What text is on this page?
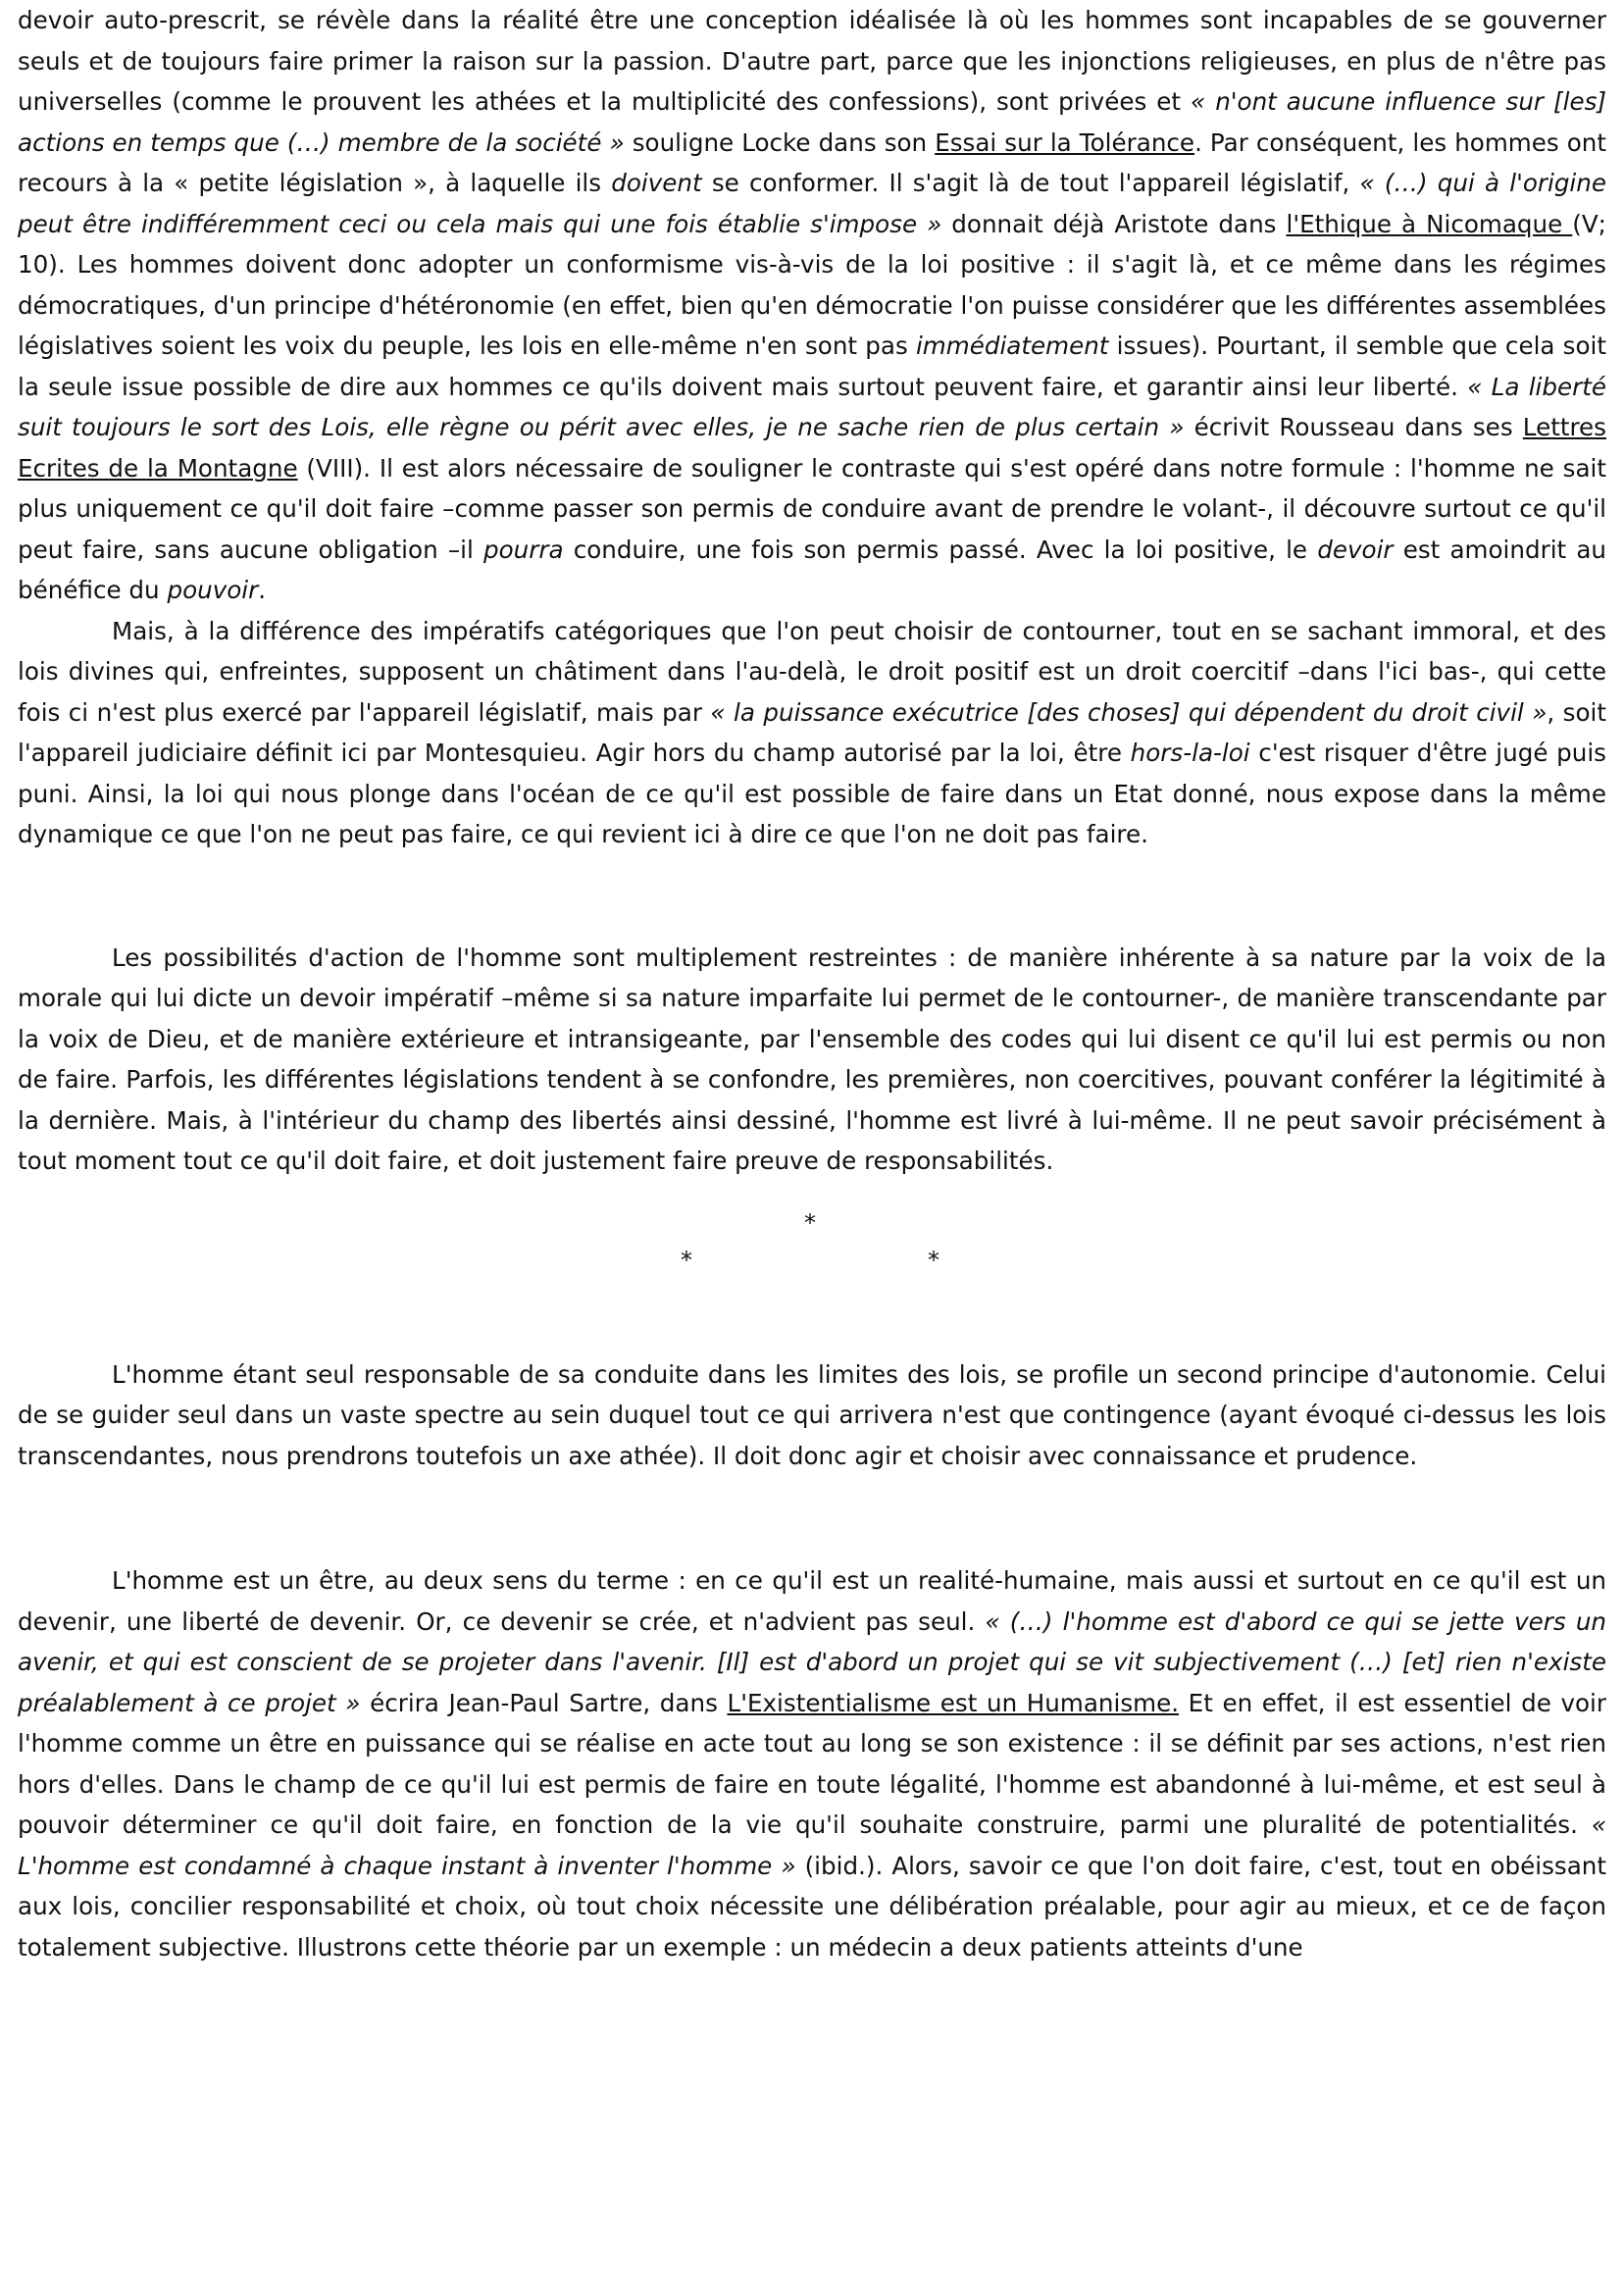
devoir auto-prescrit, se révèle dans la réalité être une conception idéalisée là où les hommes sont incapables de se gouverner seuls et de toujours faire primer la raison sur la passion. D'autre part, parce que les injonctions religieuses, en plus de n'être pas universelles (comme le prouvent les athées et la multiplicité des confessions), sont privées et « n'ont aucune influence sur [les] actions en temps que (…) membre de la société » souligne Locke dans son Essai sur la Tolérance. Par conséquent, les hommes ont recours à la « petite législation », à laquelle ils doivent se conformer. Il s'agit là de tout l'appareil législatif, « (…) qui à l'origine peut être indifféremment ceci ou cela mais qui une fois établie s'impose » donnait déjà Aristote dans l'Ethique à Nicomaque (V; 10). Les hommes doivent donc adopter un conformisme vis-à-vis de la loi positive : il s'agit là, et ce même dans les régimes démocratiques, d'un principe d'hétéronomie (en effet, bien qu'en démocratie l'on puisse considérer que les différentes assemblées législatives soient les voix du peuple, les lois en elle-même n'en sont pas immédiatement issues). Pourtant, il semble que cela soit la seule issue possible de dire aux hommes ce qu'ils doivent mais surtout peuvent faire, et garantir ainsi leur liberté. « La liberté suit toujours le sort des Lois, elle règne ou périt avec elles, je ne sache rien de plus certain » écrivit Rousseau dans ses Lettres Ecrites de la Montagne (VIII). Il est alors nécessaire de souligner le contraste qui s'est opéré dans notre formule : l'homme ne sait plus uniquement ce qu'il doit faire –comme passer son permis de conduire avant de prendre le volant-, il découvre surtout ce qu'il peut faire, sans aucune obligation –il pourra conduire, une fois son permis passé. Avec la loi positive, le devoir est amoindrit au bénéfice du pouvoir.

Mais, à la différence des impératifs catégoriques que l'on peut choisir de contourner, tout en se sachant immoral, et des lois divines qui, enfreintes, supposent un châtiment dans l'au-delà, le droit positif est un droit coercitif –dans l'ici bas-, qui cette fois ci n'est plus exercé par l'appareil législatif, mais par « la puissance exécutrice [des choses] qui dépendent du droit civil », soit l'appareil judiciaire définit ici par Montesquieu. Agir hors du champ autorisé par la loi, être hors-la-loi c'est risquer d'être jugé puis puni. Ainsi, la loi qui nous plonge dans l'océan de ce qu'il est possible de faire dans un Etat donné, nous expose dans la même dynamique ce que l'on ne peut pas faire, ce qui revient ici à dire ce que l'on ne doit pas faire.

Les possibilités d'action de l'homme sont multiplement restreintes : de manière inhérente à sa nature par la voix de la morale qui lui dicte un devoir impératif –même si sa nature imparfaite lui permet de le contourner-, de manière transcendante par la voix de Dieu, et de manière extérieure et intransigeante, par l'ensemble des codes qui lui disent ce qu'il lui est permis ou non de faire. Parfois, les différentes législations tendent à se confondre, les premières, non coercitives, pouvant conférer la légitimité à la dernière. Mais, à l'intérieur du champ des libertés ainsi dessiné, l'homme est livré à lui-même. Il ne peut savoir précisément à tout moment tout ce qu'il doit faire, et doit justement faire preuve de responsabilités.

*
*	*

L'homme étant seul responsable de sa conduite dans les limites des lois, se profile un second principe d'autonomie. Celui de se guider seul dans un vaste spectre au sein duquel tout ce qui arrivera n'est que contingence (ayant évoqué ci-dessus les lois transcendantes, nous prendrons toutefois un axe athée). Il doit donc agir et choisir avec connaissance et prudence.

L'homme est un être, au deux sens du terme : en ce qu'il est un realité-humaine, mais aussi et surtout en ce qu'il est un devenir, une liberté de devenir. Or, ce devenir se crée, et n'advient pas seul. « (…) l'homme est d'abord ce qui se jette vers un avenir, et qui est conscient de se projeter dans l'avenir. [Il] est d'abord un projet qui se vit subjectivement (…) [et] rien n'existe préalablement à ce projet » écrira Jean-Paul Sartre, dans L'Existentialisme est un Humanisme. Et en effet, il est essentiel de voir l'homme comme un être en puissance qui se réalise en acte tout au long se son existence : il se définit par ses actions, n'est rien hors d'elles. Dans le champ de ce qu'il lui est permis de faire en toute légalité, l'homme est abandonné à lui-même, et est seul à pouvoir déterminer ce qu'il doit faire, en fonction de la vie qu'il souhaite construire, parmi une pluralité de potentialités. « L'homme est condamné à chaque instant à inventer l'homme » (ibid.). Alors, savoir ce que l'on doit faire, c'est, tout en obéissant aux lois, concilier responsabilité et choix, où tout choix nécessite une délibération préalable, pour agir au mieux, et ce de façon totalement subjective. Illustrons cette théorie par un exemple : un médecin a deux patients atteints d'une
